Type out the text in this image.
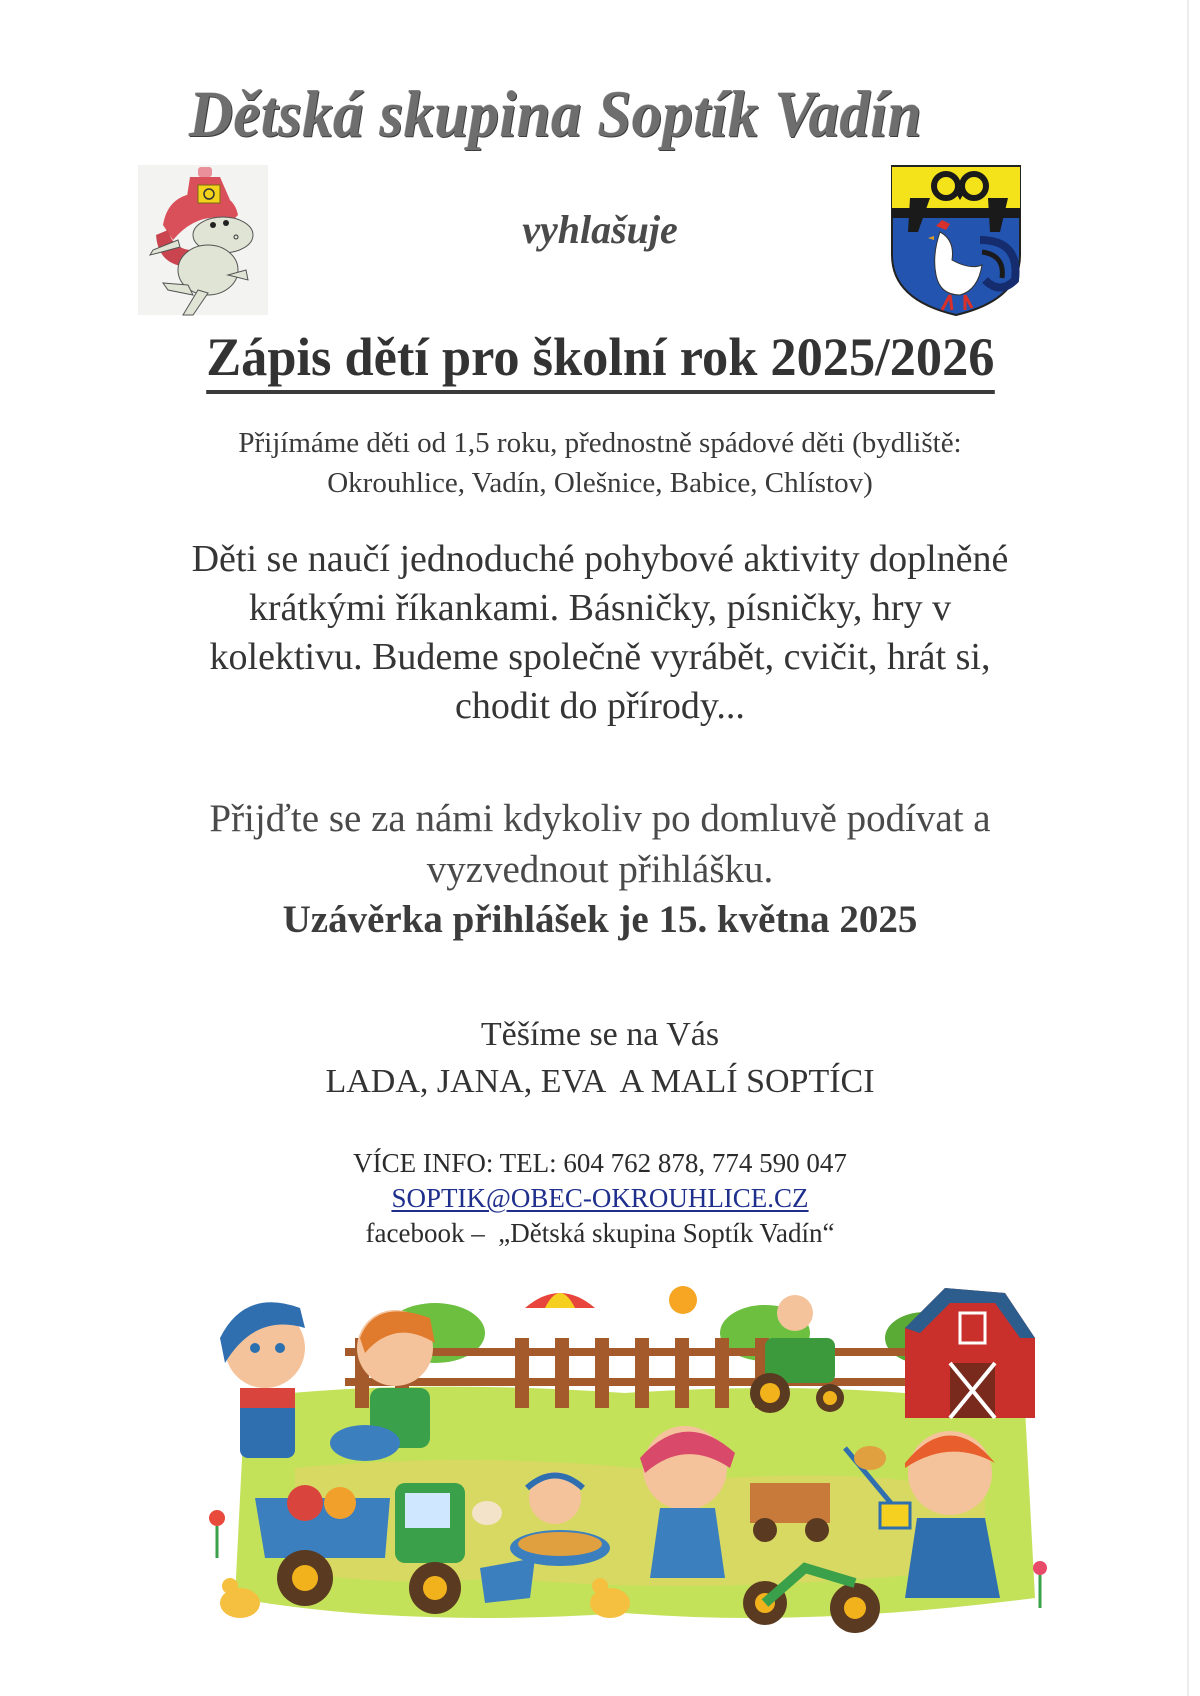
Dětská skupina Soptík Vadín
vyhlašuje
Zápis dětí pro školní rok 2025/2026
Přijímáme děti od 1,5 roku, přednostně spádové děti (bydliště:
Okrouhlice, Vadín, Olešnice, Babice, Chlístov)
Děti se naučí jednoduché pohybové aktivity doplněné
krátkými říkankami. Básničky, písničky, hry v
kolektivu. Budeme společně vyrábět, cvičit, hrát si,
chodit do přírody...
Přijďte se za námi kdykoliv po domluvě podívat a
vyzvednout přihlášku.
Uzávěrka přihlášek je 15. května 2025
Těšíme se na Vás
LADA, JANA, EVA  A MALÍ SOPTÍCI
VÍCE INFO: TEL: 604 762 878, 774 590 047
SOPTIK@OBEC-OKROUHLICE.CZ
facebook –  „Dětská skupina Soptík Vadín“
